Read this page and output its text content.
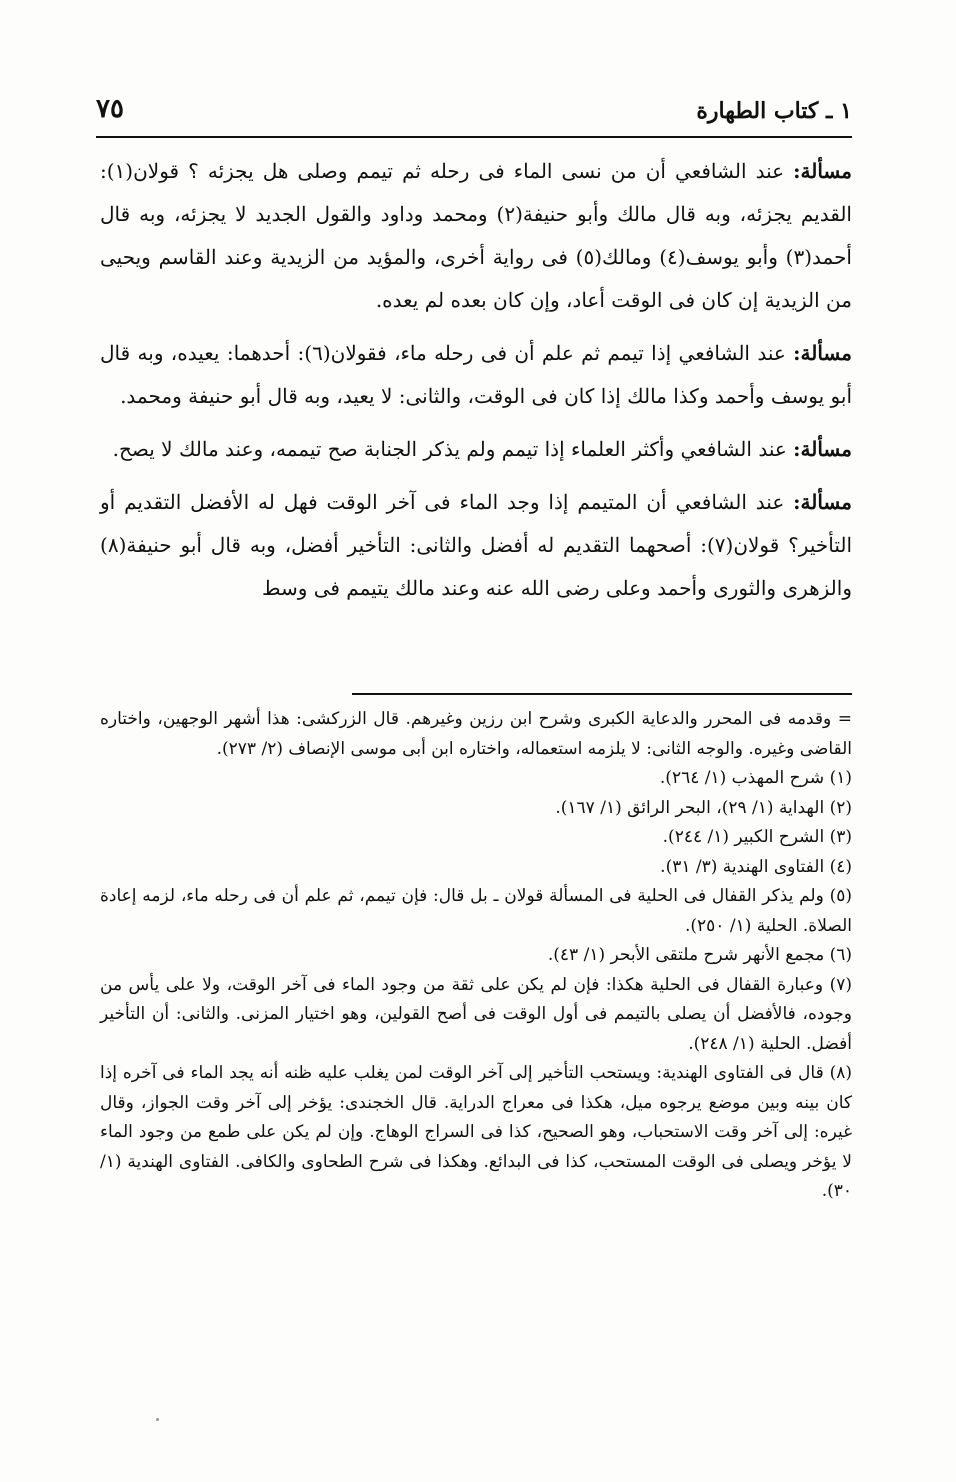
١ ـ كتاب الطهارة
٧٥

مسألة: عند الشافعي أن من نسى الماء فى رحله ثم تيمم وصلى هل يجزئه ؟ قولان(١): القديم يجزئه، وبه قال مالك وأبو حنيفة(٢) ومحمد وداود والقول الجديد لا يجزئه، وبه قال أحمد(٣) وأبو يوسف(٤) ومالك(٥) فى رواية أخرى، والمؤيد من الزيدية وعند القاسم ويحيى من الزيدية إن كان فى الوقت أعاد، وإن كان بعده لم يعده.

مسألة: عند الشافعي إذا تيمم ثم علم أن فى رحله ماء، فقولان(٦): أحدهما: يعيده، وبه قال أبو يوسف وأحمد وكذا مالك إذا كان فى الوقت، والثانى: لا يعيد، وبه قال أبو حنيفة ومحمد.

مسألة: عند الشافعي وأكثر العلماء إذا تيمم ولم يذكر الجنابة صح تيممه، وعند مالك لا يصح.

مسألة: عند الشافعي أن المتيمم إذا وجد الماء فى آخر الوقت فهل له الأفضل التقديم أو التأخير؟ قولان(٧): أصحهما التقديم له أفضل والثانى: التأخير أفضل، وبه قال أبو حنيفة(٨) والزهرى والثورى وأحمد وعلى رضى الله عنه وعند مالك يتيمم فى وسط

= وقدمه فى المحرر والدعاية الكبرى وشرح ابن رزين وغيرهم. قال الزركشى: هذا أشهر الوجهين، واختاره القاضى وغيره. والوجه الثانى: لا يلزمه استعماله، واختاره ابن أبى موسى الإنصاف (٢/ ٢٧٣).

(١) شرح المهذب (١/ ٢٦٤).

(٢) الهداية (١/ ٢٩)، البحر الرائق (١/ ١٦٧).

(٣) الشرح الكبير (١/ ٢٤٤).

(٤) الفتاوى الهندية (٣/ ٣١).

(٥) ولم يذكر القفال فى الحلية فى المسألة قولان ـ بل قال: فإن تيمم، ثم علم أن فى رحله ماء، لزمه إعادة الصلاة. الحلية (١/ ٢٥٠).

(٦) مجمع الأنهر شرح ملتقى الأبحر (١/ ٤٣).

(٧) وعبارة القفال فى الحلية هكذا: فإن لم يكن على ثقة من وجود الماء فى آخر الوقت، ولا على يأس من وجوده، فالأفضل أن يصلى بالتيمم فى أول الوقت فى أصح القولين، وهو اختيار المزنى. والثانى: أن التأخير أفضل. الحلية (١/ ٢٤٨).

(٨) قال فى الفتاوى الهندية: ويستحب التأخير إلى آخر الوقت لمن يغلب عليه ظنه أنه يجد الماء فى آخره إذا كان بينه وبين موضع يرجوه ميل، هكذا فى معراج الدراية. قال الخجندى: يؤخر إلى آخر وقت الجواز، وقال غيره: إلى آخر وقت الاستحباب، وهو الصحيح، كذا فى السراج الوهاج. وإن لم يكن على طمع من وجود الماء لا يؤخر ويصلى فى الوقت المستحب، كذا فى البدائع. وهكذا فى شرح الطحاوى والكافى. الفتاوى الهندية (١/ ٣٠).
